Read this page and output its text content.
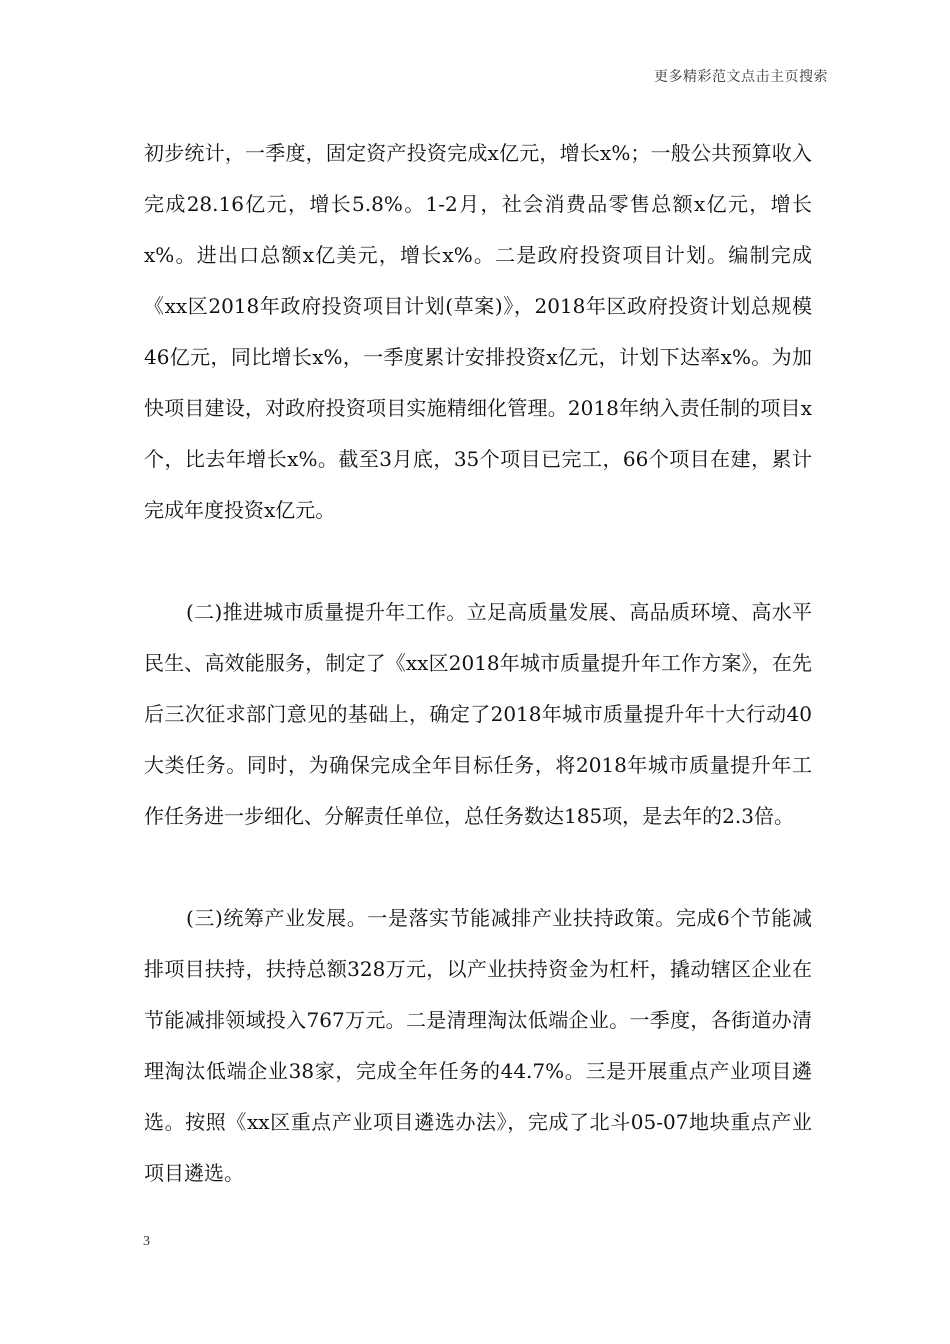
更多精彩范文点击主页搜索

初步统计，一季度，固定资产投资完成x亿元，增长x%；一般公共预算收入完成28.16亿元，增长5.8%。1-2月，社会消费品零售总额x亿元，增长x%。进出口总额x亿美元，增长x%。二是政府投资项目计划。编制完成《xx区2018年政府投资项目计划(草案)》，2018年区政府投资计划总规模46亿元，同比增长x%，一季度累计安排投资x亿元，计划下达率x%。为加快项目建设，对政府投资项目实施精细化管理。2018年纳入责任制的项目x个，比去年增长x%。截至3月底，35个项目已完工，66个项目在建，累计完成年度投资x亿元。

(二)推进城市质量提升年工作。立足高质量发展、高品质环境、高水平民生、高效能服务，制定了《xx区2018年城市质量提升年工作方案》，在先后三次征求部门意见的基础上，确定了2018年城市质量提升年十大行动40大类任务。同时，为确保完成全年目标任务，将2018年城市质量提升年工作任务进一步细化、分解责任单位，总任务数达185项，是去年的2.3倍。

(三)统筹产业发展。一是落实节能减排产业扶持政策。完成6个节能减排项目扶持，扶持总额328万元，以产业扶持资金为杠杆，撬动辖区企业在节能减排领域投入767万元。二是清理淘汰低端企业。一季度，各街道办清理淘汰低端企业38家，完成全年任务的44.7%。三是开展重点产业项目遴选。按照《xx区重点产业项目遴选办法》，完成了北斗05-07地块重点产业项目遴选。

3
